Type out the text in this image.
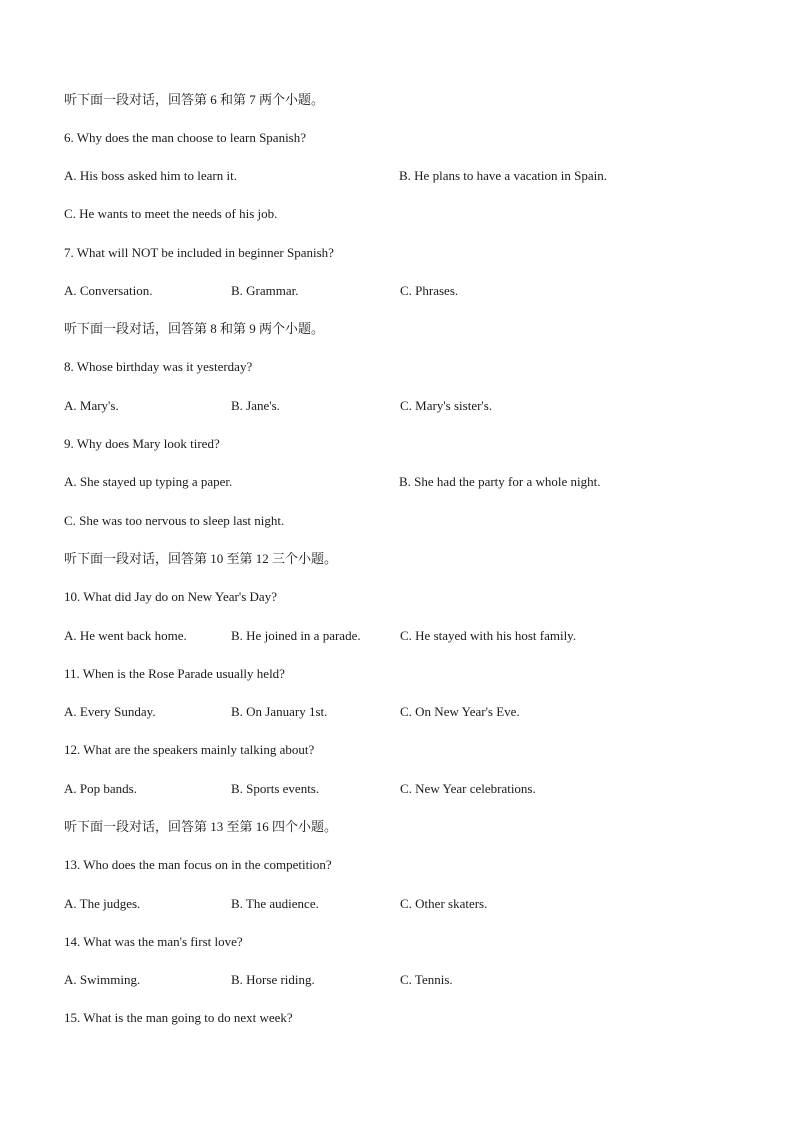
听下面一段对话，回答第 6 和第 7 两个小题。
6. Why does the man choose to learn Spanish?
A. His boss asked him to learn it.	B. He plans to have a vacation in Spain.
C. He wants to meet the needs of his job.
7. What will NOT be included in beginner Spanish?
A. Conversation.	B. Grammar.	C. Phrases.
听下面一段对话，回答第 8 和第 9 两个小题。
8. Whose birthday was it yesterday?
A. Mary's.	B. Jane's.	C. Mary's sister's.
9. Why does Mary look tired?
A. She stayed up typing a paper.	B. She had the party for a whole night.
C. She was too nervous to sleep last night.
听下面一段对话，回答第 10 至第 12 三个小题。
10. What did Jay do on New Year's Day?
A. He went back home.	B. He joined in a parade.	C. He stayed with his host family.
11. When is the Rose Parade usually held?
A. Every Sunday.	B. On January 1st.	C. On New Year's Eve.
12. What are the speakers mainly talking about?
A. Pop bands.	B. Sports events.	C. New Year celebrations.
听下面一段对话，回答第 13 至第 16 四个小题。
13. Who does the man focus on in the competition?
A. The judges.	B. The audience.	C. Other skaters.
14. What was the man's first love?
A. Swimming.	B. Horse riding.	C. Tennis.
15. What is the man going to do next week?
